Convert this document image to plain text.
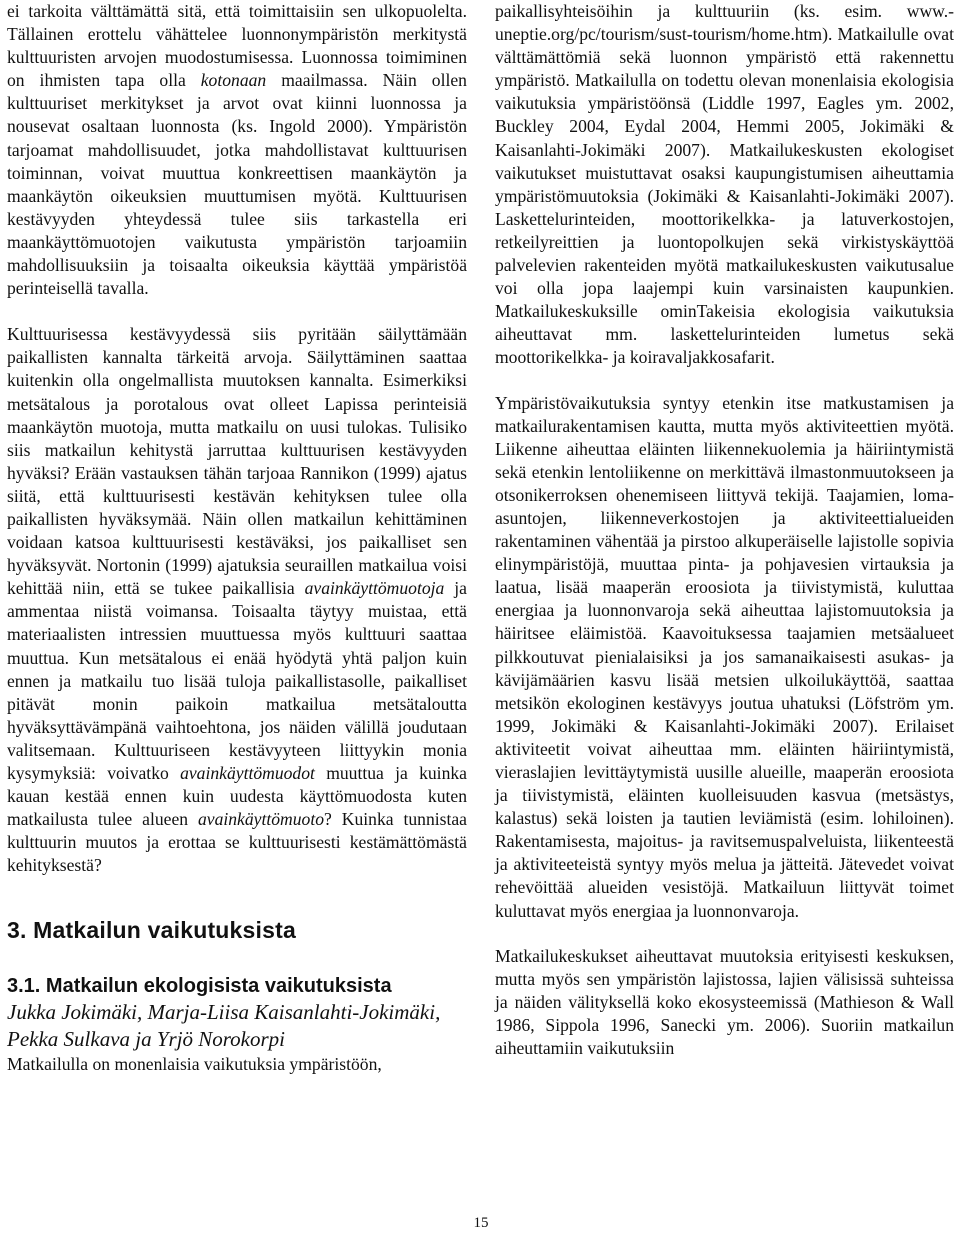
ei tarkoita välttämättä sitä, että toimittaisiin sen ulkopuolelta. Tällainen erottelu vähättelee luonnonympäristön merkitystä kulttuuristen arvojen muodostumisessa. Luonnossa toimiminen on ihmisten tapa olla kotonaan maailmassa. Näin ollen kulttuuriset merkitykset ja arvot ovat kiinni luonnossa ja nousevat osaltaan luonnosta (ks. Ingold 2000). Ympäristön tarjoamat mahdollisuudet, jotka mahdollistavat kulttuurisen toiminnan, voivat muuttua konkreettisen maankäytön ja maankäytön oikeuksien muuttumisen myötä. Kulttuurisen kestävyyden yhteydessä tulee siis tarkastella eri maankäyttömuotojen vaikutusta ympäristön tarjoamiin mahdollisuuksiin ja toisaalta oikeuksia käyttää ympäristöä perinteisellä tavalla.

Kulttuurisessa kestävyydessä siis pyritään säilyttämään paikallisten kannalta tärkeitä arvoja. Säilyttäminen saattaa kuitenkin olla ongelmallista muutoksen kannalta. Esimerkiksi metsätalous ja porotalous ovat olleet Lapissa perinteisiä maankäytön muotoja, mutta matkailu on uusi tulokas. Tulisiko siis matkailun kehitystä jarruttaa kulttuurisen kestävyyden hyväksi? Erään vastauksen tähän tarjoaa Rannikon (1999) ajatus siitä, että kulttuurisesti kestävän kehityksen tulee olla paikallisten hyväksymää. Näin ollen matkailun kehittäminen voidaan katsoa kulttuurisesti kestäväksi, jos paikalliset sen hyväksyvät. Nortonin (1999) ajatuksia seuraillen matkailua voisi kehittää niin, että se tukee paikallisia avainkäyttömuotoja ja ammentaa niistä voimansa. Toisaalta täytyy muistaa, että materiaalisten intressien muuttuessa myös kulttuuri saattaa muuttua. Kun metsätalous ei enää hyödytä yhtä paljon kuin ennen ja matkailu tuo lisää tuloja paikallistasolle, paikalliset pitävät monin paikoin matkailua metsätaloutta hyväksyttävämpänä vaihtoehtona, jos näiden välillä joudutaan valitsemaan. Kulttuuriseen kestävyyteen liittyykin monia kysymyksiä: voivatko avainkäyttömuodot muuttua ja kuinka kauan kestää ennen kuin uudesta käyttömuodosta kuten matkailusta tulee alueen avainkäyttömuoto? Kuinka tunnistaa kulttuurin muutos ja erottaa se kulttuurisesti kestämättömästä kehityksestä?

3. Matkailun vaikutuksista
3.1. Matkailun ekologisista vaikutuksista

Jukka Jokimäki, Marja-Liisa Kaisanlahti-Jokimäki, Pekka Sulkava ja Yrjö Norokorpi

Matkailulla on monenlaisia vaikutuksia ympäristöön,

paikallisyhteisöihin ja kulttuuriin (ks. esim. www.-uneptie.org/pc/tourism/sust-tourism/home.htm). Matkailulle ovat välttämättömiä sekä luonnon ympäristö että rakennettu ympäristö. Matkailulla on todettu olevan monenlaisia ekologisia vaikutuksia ympäristöönsä (Liddle 1997, Eagles ym. 2002, Buckley 2004, Eydal 2004, Hemmi 2005, Jokimäki & Kaisanlahti-Jokimäki 2007). Matkailukeskusten ekologiset vaikutukset muistuttavat osaksi kaupungistumisen aiheuttamia ympäristömuutoksia (Jokimäki & Kaisanlahti-Jokimäki 2007). Laskettelurinteiden, moottorikelkka- ja latuverkostojen, retkeilyreittien ja luontopolkujen sekä virkistyskäyttöä palvelevien rakenteiden myötä matkailukeskusten vaikutusalue voi olla jopa laajempi kuin varsinaisten kaupunkien. Matkailukeskuksille ominTakeisia ekologisia vaikutuksia aiheuttavat mm. laskettelurinteiden lumetus sekä moottorikelkka- ja koiravaljakkosafarit.

Ympäristövaikutuksia syntyy etenkin itse matkustamisen ja matkailurakentamisen kautta, mutta myös aktiviteettien myötä. Liikenne aiheuttaa eläinten liikennekuolemia ja häiriintymistä sekä etenkin lentoliikenne on merkittävä ilmastonmuutokseen ja otsonikerroksen ohenemiseen liittyvä tekijä. Taajamien, loma-asuntojen, liikenneverkostojen ja aktiviteettialueiden rakentaminen vähentää ja pirstoo alkuperäiselle lajistolle sopivia elinympäristöjä, muuttaa pinta- ja pohjavesien virtauksia ja laatua, lisää maaperän eroosiota ja tiivistymistä, kuluttaa energiaa ja luonnonvaroja sekä aiheuttaa lajistomuutoksia ja häiritsee eläimistöä. Kaavoituksessa taajamien metsäalueet pilkkoutuvat pienialaisiksi ja jos samanaikaisesti asukas- ja kävijämäärien kasvu lisää metsien ulkoilukäyttöä, saattaa metsikön ekologinen kestävyys joutua uhatuksi (Löfström ym. 1999, Jokimäki & Kaisanlahti-Jokimäki 2007). Erilaiset aktiviteetit voivat aiheuttaa mm. eläinten häiriintymistä, vieraslajien levittäytymistä uusille alueille, maaperän eroosiota ja tiivistymistä, eläinten kuolleisuuden kasvua (metsästys, kalastus) sekä loisten ja tautien leviämistä (esim. lohiloinen). Rakentamisesta, majoitus- ja ravitsemuspalveluista, liikenteestä ja aktiviteeteistä syntyy myös melua ja jätteitä. Jätevedet voivat rehevöittää alueiden vesistöjä. Matkailuun liittyvät toimet kuluttavat myös energiaa ja luonnonvaroja.

Matkailukeskukset aiheuttavat muutoksia erityisesti keskuksen, mutta myös sen ympäristön lajistossa, lajien välisissä suhteissa ja näiden välityksellä koko ekosysteemissä (Mathieson & Wall 1986, Sippola 1996, Sanecki ym. 2006). Suoriin matkailun aiheuttamiin vaikutuksiin

15
